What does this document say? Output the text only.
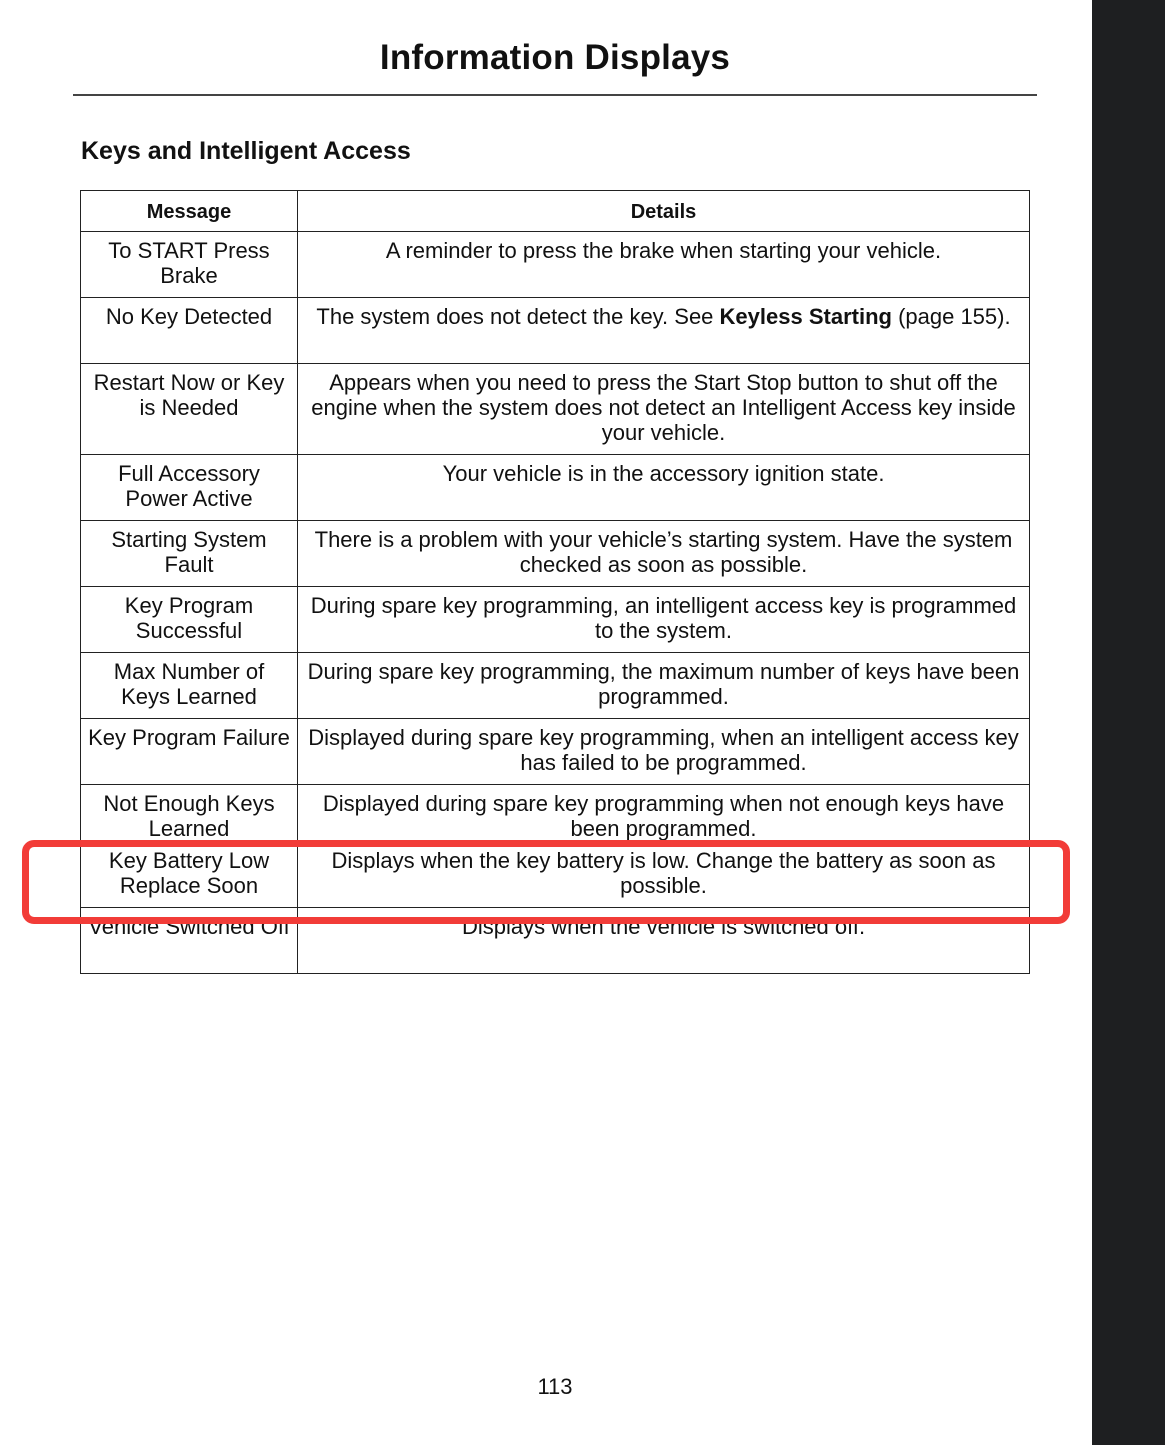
Information Displays
Keys and Intelligent Access
Message	Details
To START Press Brake	A reminder to press the brake when starting your vehicle.
No Key Detected	The system does not detect the key. See Keyless Starting (page 155).
Restart Now or Key is Needed	Appears when you need to press the Start Stop button to shut off the engine when the system does not detect an Intelligent Access key inside your vehicle.
Full Accessory Power Active	Your vehicle is in the accessory ignition state.
Starting System Fault	There is a problem with your vehicle’s starting system. Have the system checked as soon as possible.
Key Program Successful	During spare key programming, an intelligent access key is programmed to the system.
Max Number of Keys Learned	During spare key programming, the maximum number of keys have been programmed.
Key Program Failure	Displayed during spare key programming, when an intelligent access key has failed to be programmed.
Not Enough Keys Learned	Displayed during spare key programming when not enough keys have been programmed.
Key Battery Low Replace Soon	Displays when the key battery is low. Change the battery as soon as possible.
Vehicle Switched Off	Displays when the vehicle is switched off.
113
